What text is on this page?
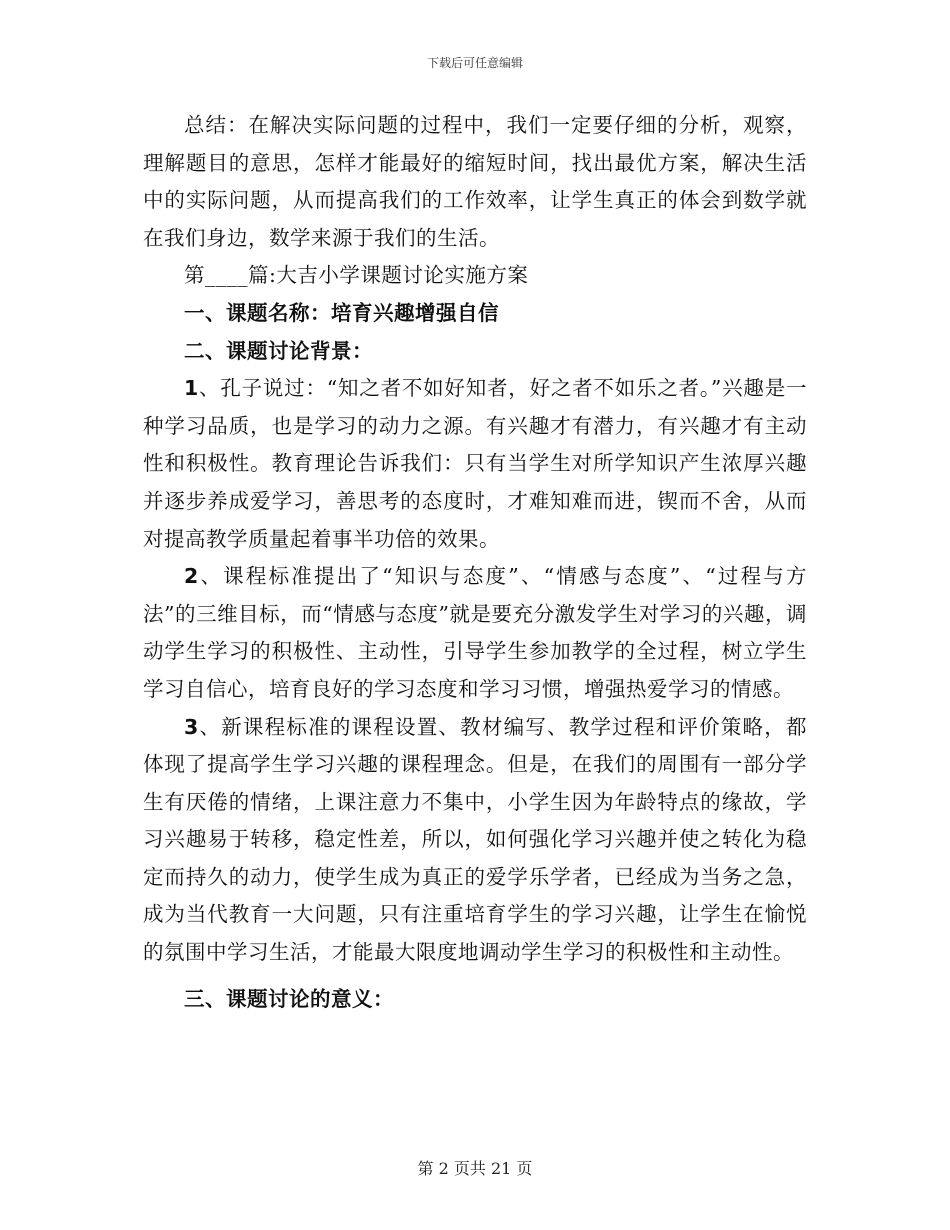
下载后可任意编辑

总结：在解决实际问题的过程中，我们一定要仔细的分析，观察，理解题目的意思，怎样才能最好的缩短时间，找出最优方案，解决生活中的实际问题，从而提高我们的工作效率，让学生真正的体会到数学就在我们身边，数学来源于我们的生活。

第____篇:大吉小学课题讨论实施方案

一、课题名称：培育兴趣增强自信

二、课题讨论背景：

1、孔子说过：“知之者不如好知者，好之者不如乐之者。”兴趣是一种学习品质，也是学习的动力之源。有兴趣才有潜力，有兴趣才有主动性和积极性。教育理论告诉我们：只有当学生对所学知识产生浓厚兴趣并逐步养成爱学习，善思考的态度时，才难知难而进，锲而不舍，从而对提高教学质量起着事半功倍的效果。

2、课程标准提出了“知识与态度”、“情感与态度”、“过程与方法”的三维目标，而“情感与态度”就是要充分激发学生对学习的兴趣，调动学生学习的积极性、主动性，引导学生参加教学的全过程，树立学生学习自信心，培育良好的学习态度和学习习惯，增强热爱学习的情感。

3、新课程标准的课程设置、教材编写、教学过程和评价策略，都体现了提高学生学习兴趣的课程理念。但是，在我们的周围有一部分学生有厌倦的情绪，上课注意力不集中，小学生因为年龄特点的缘故，学习兴趣易于转移，稳定性差，所以，如何强化学习兴趣并使之转化为稳定而持久的动力，使学生成为真正的爱学乐学者，已经成为当务之急，成为当代教育一大问题，只有注重培育学生的学习兴趣，让学生在愉悦的氛围中学习生活，才能最大限度地调动学生学习的积极性和主动性。

三、课题讨论的意义：

第 2 页共 21 页
